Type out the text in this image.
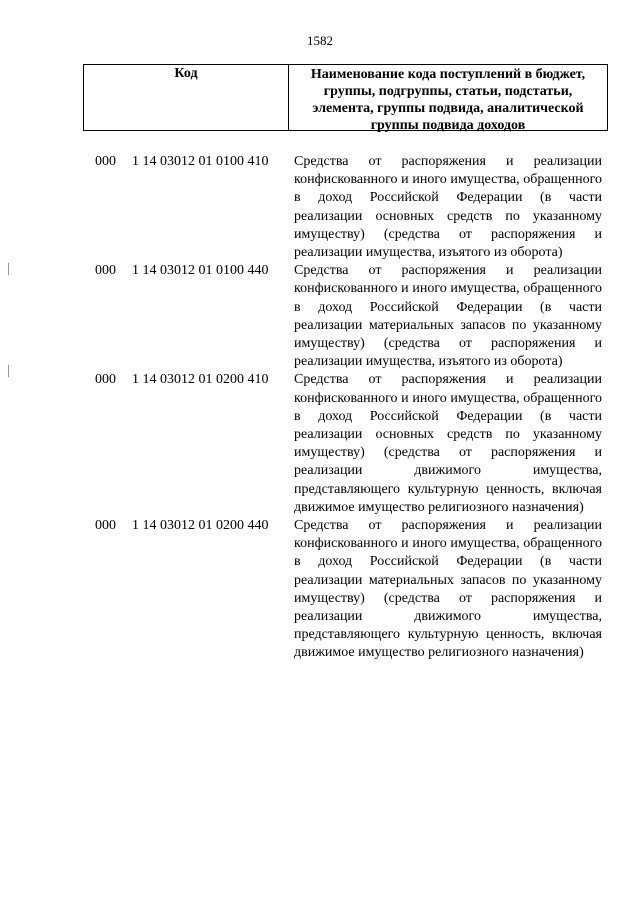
1582
Код	Наименование кода поступлений в бюджет, группы, подгруппы, статьи, подстатьи, элемента, группы подвида, аналитической группы подвида доходов
000 1 14 03012 01 0100 410 Средства от распоряжения и реализации конфискованного и иного имущества, обращенного в доход Российской Федерации (в части реализации основных средств по указанному имуществу) (средства от распоряжения и реализации имущества, изъятого из оборота)
000 1 14 03012 01 0100 440 Средства от распоряжения и реализации конфискованного и иного имущества, обращенного в доход Российской Федерации (в части реализации материальных запасов по указанному имуществу) (средства от распоряжения и реализации имущества, изъятого из оборота)
000 1 14 03012 01 0200 410 Средства от распоряжения и реализации конфискованного и иного имущества, обращенного в доход Российской Федерации (в части реализации основных средств по указанному имуществу) (средства от распоряжения и реализации движимого имущества, представляющего культурную ценность, включая движимое имущество религиозного назначения)
000 1 14 03012 01 0200 440 Средства от распоряжения и реализации конфискованного и иного имущества, обращенного в доход Российской Федерации (в части реализации материальных запасов по указанному имуществу) (средства от распоряжения и реализации движимого имущества, представляющего культурную ценность, включая движимое имущество религиозного назначения)
